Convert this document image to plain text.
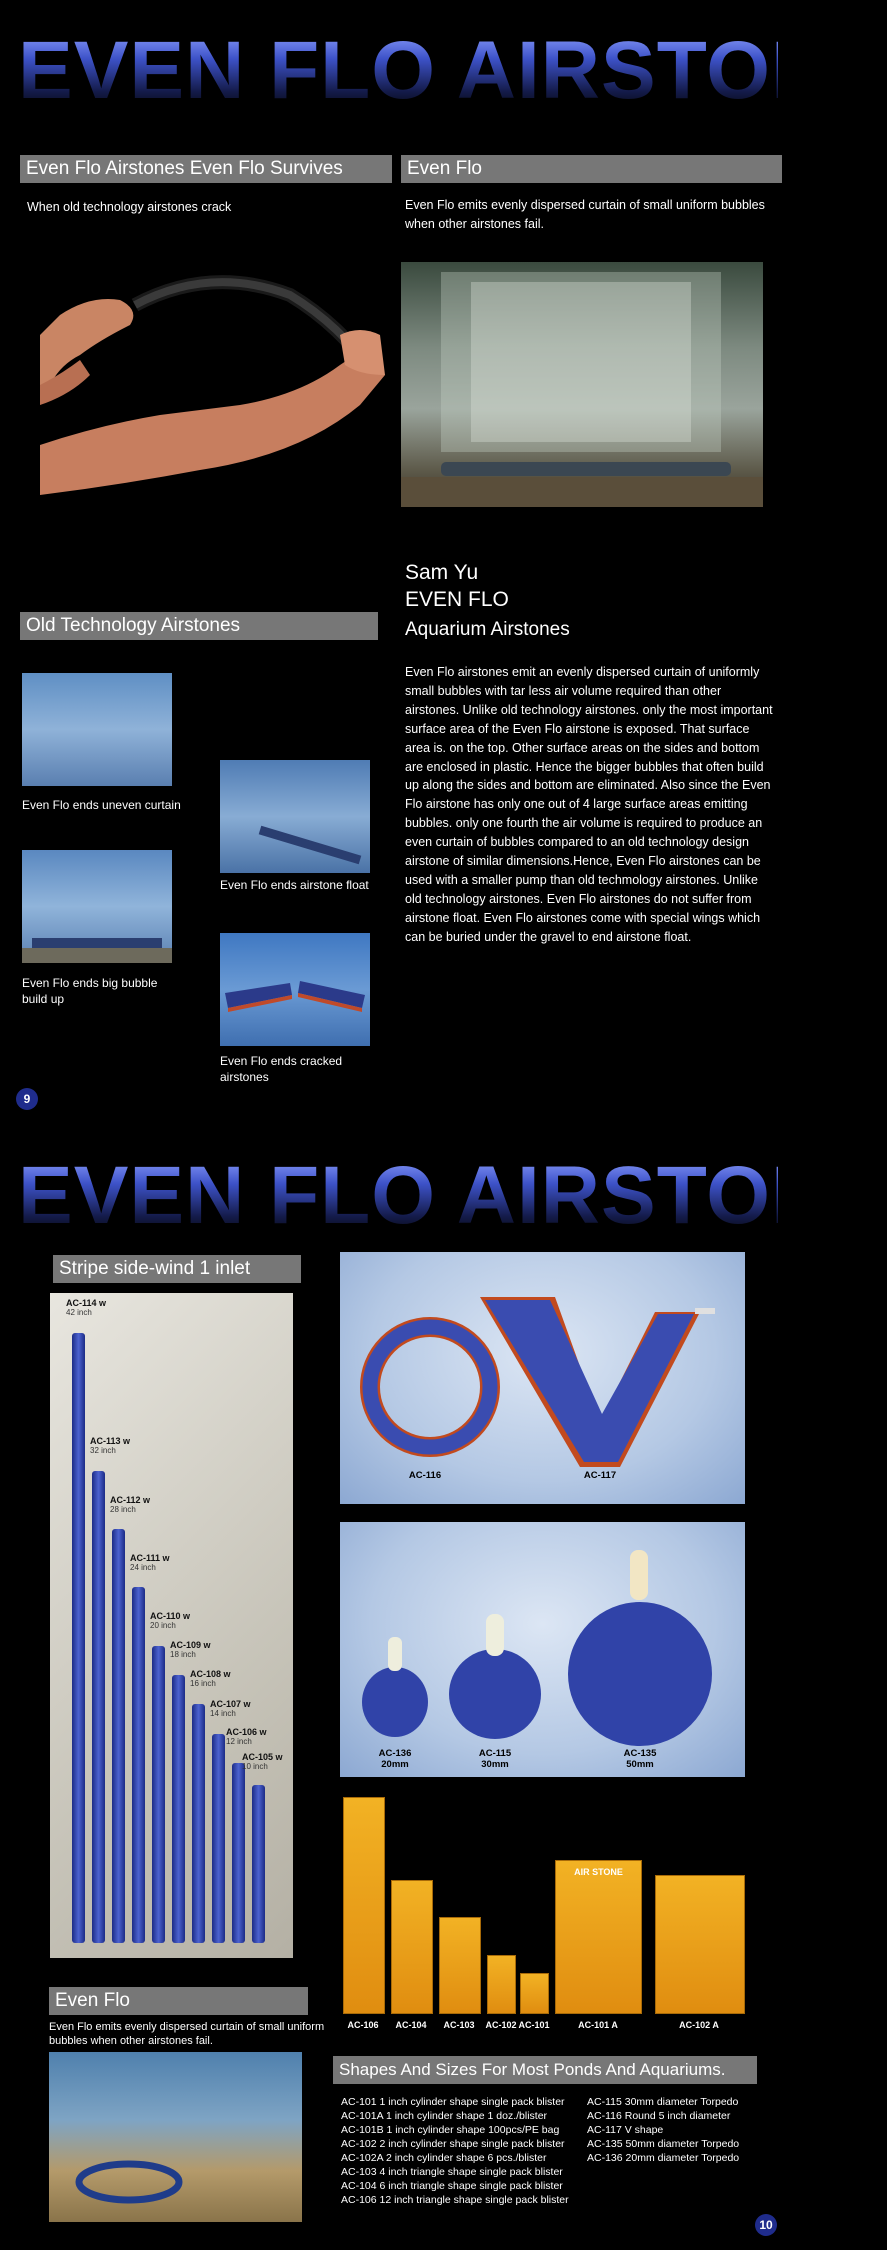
EVEN FLO AIRSTONE
Even Flo Airstones Even Flo Survives
When old technology airstones crack
Even Flo
Even Flo emits evenly dispersed curtain of small uniform bubbles when other airstones fail.
Sam Yu
EVEN FLO
Aquarium Airstones
Old Technology Airstones
Even Flo ends uneven curtain
Even Flo ends airstone float
Even Flo ends big bubble build up
Even Flo ends cracked airstones
Even Flo airstones emit an evenly dispersed curtain of uniformly small bubbles with tar less air volume required than other airstones. Unlike old technology airstones. only the most important surface area of the Even Flo airstone is exposed. That surface area is. on the top. Other surface areas on the sides and bottom are enclosed in plastic. Hence the bigger bubbles that often build up along the sides and bottom are eliminated. Also since the Even Flo airstone has only one out of 4 large surface areas emitting bubbles. only one fourth the air volume is required to produce an even curtain of bubbles compared to an old technology design airstone of similar dimensions.Hence, Even Flo airstones can be used with a smaller pump than old techmology airstones. Unlike old technology airstones. Even Flo airstones do not suffer from airstone float. Even Flo airstones come with special wings which can be buried under the gravel to end airstone float.
9
EVEN FLO AIRSTONE
Stripe side-wind 1 inlet
AC-114 w
42 inch
AC-113 w
32 inch
AC-112 w
28 inch
AC-111 w
24 inch
AC-110 w
20 inch
AC-109 w
18 inch
AC-108 w
16 inch
AC-107 w
14 inch
AC-106 w
12 inch
AC-105 w
10 inch
AC-116	AC-117
AC-136
20mm
AC-115
30mm
AC-135
50mm
AIR STONE
AC-106	AC-104	AC-103	AC-102 AC-101	AC-101 A	AC-102 A
Even Flo
Even Flo emits evenly dispersed curtain of small uniform bubbles when other airstones fail.
Shapes And Sizes For Most Ponds And Aquariums.
AC-101 1 inch cylinder shape single pack blister
AC-101A 1 inch cylinder shape 1 doz./blister
AC-101B 1 inch cylinder shape 100pcs/PE bag
AC-102 2 inch cylinder shape single pack blister
AC-102A 2 inch cylinder shape 6 pcs./blister
AC-103 4 inch triangle shape single pack blister
AC-104 6 inch triangle shape single pack blister
AC-106 12 inch triangle shape single pack blister
AC-115 30mm diameter Torpedo
AC-116 Round 5 inch diameter
AC-117 V shape
AC-135 50mm diameter Torpedo
AC-136 20mm diameter Torpedo
10
